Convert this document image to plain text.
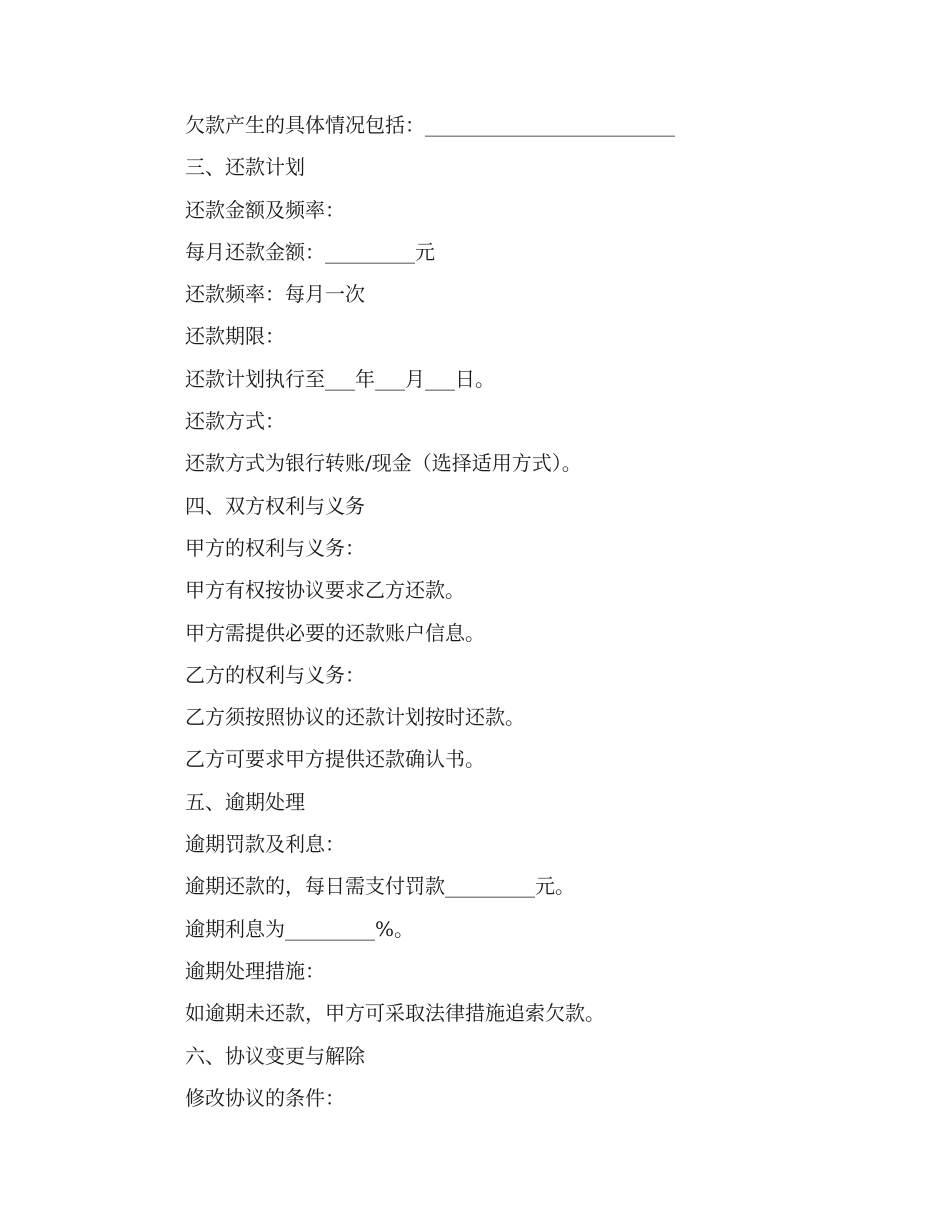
欠款产生的具体情况包括：_________________________
三、还款计划
还款金额及频率：
每月还款金额：_________元
还款频率：每月一次
还款期限：
还款计划执行至___年___月___日。
还款方式：
还款方式为银行转账/现金（选择适用方式）。
四、双方权利与义务
甲方的权利与义务：
甲方有权按协议要求乙方还款。
甲方需提供必要的还款账户信息。
乙方的权利与义务：
乙方须按照协议的还款计划按时还款。
乙方可要求甲方提供还款确认书。
五、逾期处理
逾期罚款及利息：
逾期还款的，每日需支付罚款_________元。
逾期利息为_________%。
逾期处理措施：
如逾期未还款，甲方可采取法律措施追索欠款。
六、协议变更与解除
修改协议的条件：
